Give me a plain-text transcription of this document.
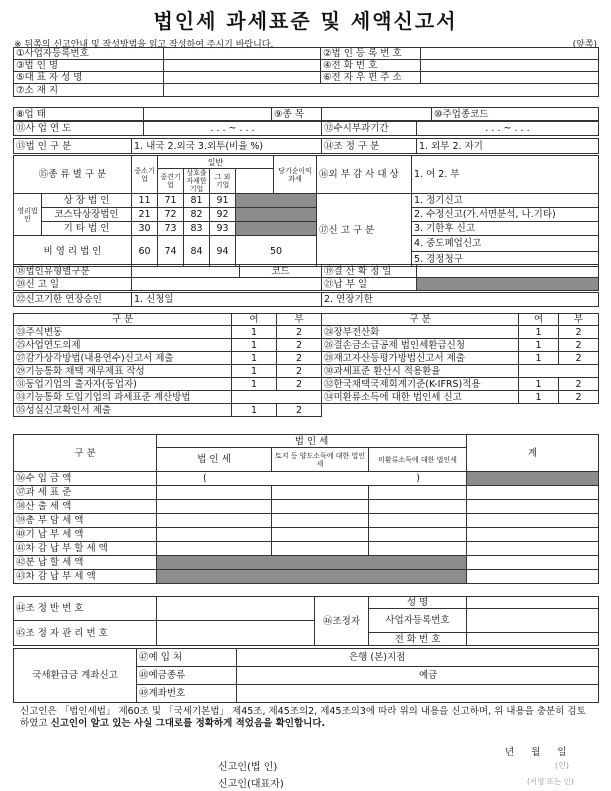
법인세 과세표준 및 세액신고서
※ 뒤쪽의 신고안내 및 작성방법을 읽고 작성하여 주시기 바랍니다.	(앞쪽)
①사업자등록번호		②법 인 등 록 번 호	
③법 인 명		④전 화 번 호	
⑤대 표 자 성 명		⑥전 자 우 편 주 소	
⑦소 재 지			
⑧업 태		⑨종 목		⑩주업종코드
⑪사 업 연 도	. . . ~ . . .	⑫수시부과기간	. . . ~ . . .
⑬법 인 구 분	1. 내국 2.외국 3.외투(비율 %)	⑭조 정 구 분	1. 외부 2. 자기
⑮종 류 별 구 분		중소기업	일반				당기순이익과세	⑯외 부 감 사 대 상	1. 여 2. 부
			중견기업	상호출자제한기업	그 외 기업				
영리법인	상 장 법 인	11	71	81	91			⑰신 고 구 분	1. 정기신고
	코스닥상장법인	21	72	82	92				2. 수정신고(가.서면분석, 나.기타)
	기 타 법 인	30	73	83	93				3. 기한후 신고
비 영 리 법 인		60	74	84	94	50			4. 중도폐업신고
									5. 경정청구
⑱법인유형별구분		코드	⑲결 산 확 정 일	
⑳신 고 일			㉑납 부 일	
㉒신고기한 연장승인	1. 신청일	2. 연장기한
구 분	여	부	구 분	여	부
㉓주식변동	1	2	㉔장부전산화	1	2
㉕사업연도의제	1	2	㉖결손금소급공제 법인세환급신청	1	2
㉗감가상각방법(내용연수)신고서 제출	1	2	㉘재고자산등평가방법신고서 제출	1	2
㉙기능통화 채택 재무제표 작성	1	2	㉚과세표준 환산시 적용환율		
㉛동업기업의 출자자(동업자)	1	2	㉜한국채택국제회계기준(K-IFRS)적용	1	2
㉝기능통화 도입기업의 과세표준 계산방법			㉞미환류소득에 대한 법인세 신고	1	2
㉟성실신고확인서 제출	1	2			
구 분	법 인 세			계
	법 인 세	토지 등 양도소득에 대한 법인세	미환류소득에 대한 법인세	
㊱수 입 금 액	( )			

㊲과 세 표 준				
㊳산 출 세 액				
㊴총 부 담 세 액				
㊵기 납 부 세 액				
㊶차 감 납 부 할 세 액				
㊷분 납 할 세 액				
㊸차 감 납 부 세 액				
㊹조 정 반 번 호		㊻조정자	성 명	
			사업자등록번호	
㊺조 정 자 관 리 번 호				
			전 화 번 호	
국세환급금 계좌신고	㊼예 입 처	은행 (본)지점
	㊽예금종류	예금
	㊾계좌번호	
신고인은 「법인세법」 제60조 및 「국세기본법」 제45조, 제45조의2, 제45조의3에 따라 위의 내용을 신고하며, 위 내용을 충분히 검토하였고 신고인이 알고 있는 사실 그대로를 정확하게 적었음을 확인합니다.
년 월 일
신고인(법 인)
신고인(대표자)
(인)
(서명 또는 인)
